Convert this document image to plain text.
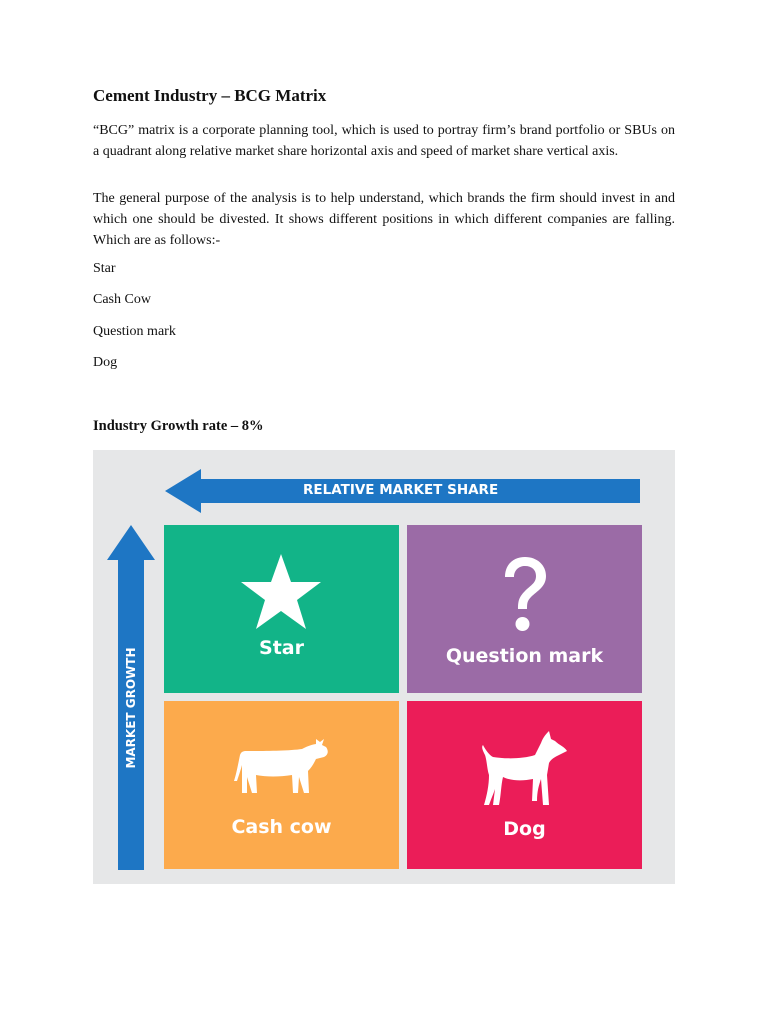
Cement Industry – BCG Matrix

“BCG” matrix is a corporate planning tool, which is used to portray firm’s brand portfolio or SBUs on a quadrant along relative market share horizontal axis and speed of market share vertical axis.

The general purpose of the analysis is to help understand, which brands the firm should invest in and which one should be divested. It shows different positions in which different companies are falling. Which are as follows:-

Star

Cash Cow

Question mark

Dog

Industry Growth rate – 8%

RELATIVE MARKET SHARE
MARKET GROWTH	Star	Question mark
Cash cow	Dog
